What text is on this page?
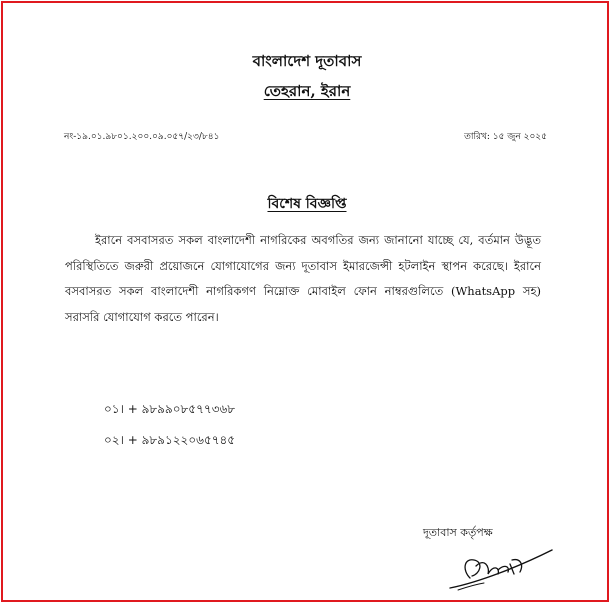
বাংলাদেশ দূতাবাস
তেহরান, ইরান
নং-১৯.০১.৯৮০১.২০০.০৯.০৫৭/২৩/৮৪১	তারিখ: ১৫ জুন ২০২৫
বিশেষ বিজ্ঞপ্তি

ইরানে বসবাসরত সকল বাংলাদেশী নাগরিকের অবগতির জন্য জানানো যাচ্ছে যে, বর্তমান উদ্ভূত পরিস্থিতিতে জরুরী প্রয়োজনে যোগাযোগের জন্য দূতাবাস ইমারজেন্সী হটলাইন স্থাপন করেছে। ইরানে বসবাসরত সকল বাংলাদেশী নাগরিকগণ নিম্নোক্ত মোবাইল ফোন নাম্বরগুলিতে (WhatsApp সহ) সরাসরি যোগাযোগ করতে পারেন।

০১। + ৯৮৯৯০৮৫৭৭৩৬৮
০২। + ৯৮৯১২২০৬৫৭৪৫
দূতাবাস কর্তৃপক্ষ
